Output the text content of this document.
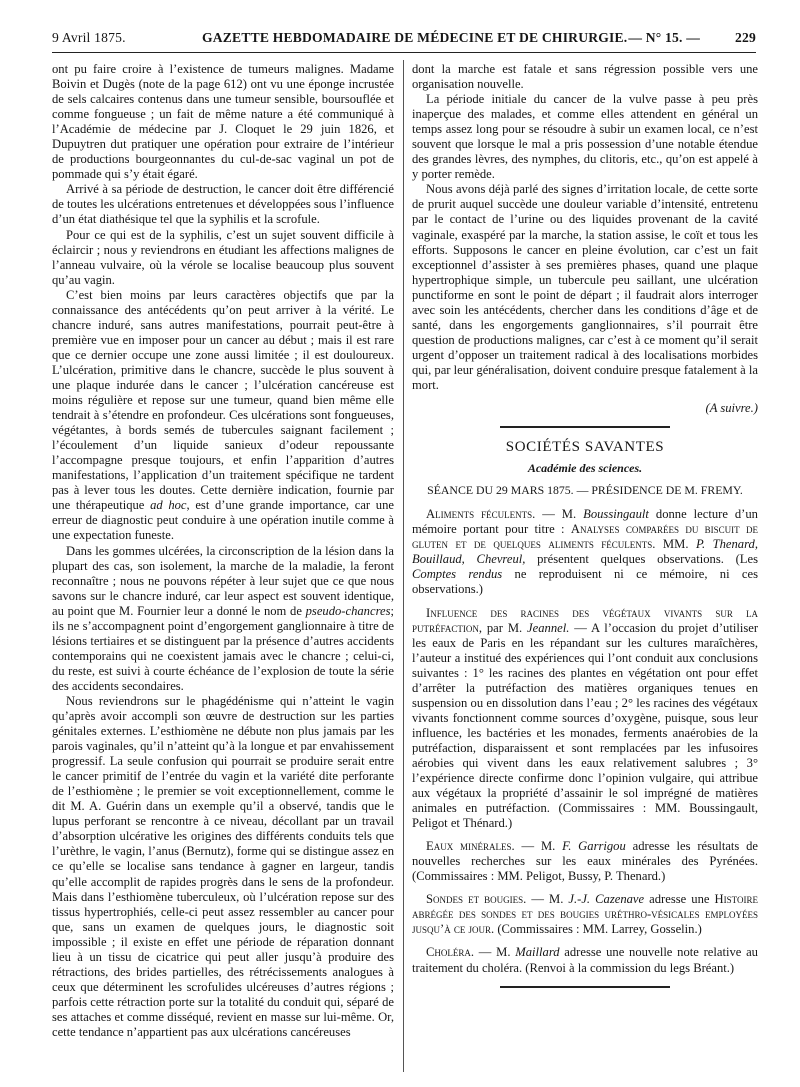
9 Avril 1875.	GAZETTE HEBDOMADAIRE DE MÉDECINE ET DE CHIRURGIE. — N° 15. —	229

ont pu faire croire à l’existence de tumeurs malignes. Madame Boivin et Dugès (note de la page 612) ont vu une éponge incrustée de sels calcaires contenus dans une tumeur sensible, boursouflée et comme fongueuse ; un fait de même nature a été communiqué à l’Académie de médecine par J. Cloquet le 29 juin 1826, et Dupuytren dut pratiquer une opération pour extraire de l’intérieur de productions bourgeonnantes du cul-de-sac vaginal un pot de pommade qui s’y était égaré.

Arrivé à sa période de destruction, le cancer doit être différencié de toutes les ulcérations entretenues et développées sous l’influence d’un état diathésique tel que la syphilis et la scrofule.

Pour ce qui est de la syphilis, c’est un sujet souvent difficile à éclaircir ; nous y reviendrons en étudiant les affections malignes de l’anneau vulvaire, où la vérole se localise beaucoup plus souvent qu’au vagin.

C’est bien moins par leurs caractères objectifs que par la connaissance des antécédents qu’on peut arriver à la vérité. Le chancre induré, sans autres manifestations, pourrait peut-être à première vue en imposer pour un cancer au début ; mais il est rare que ce dernier occupe une zone aussi limitée ; il est douloureux. L’ulcération, primitive dans le chancre, succède le plus souvent à une plaque indurée dans le cancer ; l’ulcération cancéreuse est moins régulière et repose sur une tumeur, quand bien même elle tendrait à s’étendre en profondeur. Ces ulcérations sont fongueuses, végétantes, à bords semés de tubercules saignant facilement ; l’écoulement d’un liquide sanieux d’odeur repoussante l’accompagne presque toujours, et enfin l’apparition d’autres manifestations, l’application d’un traitement spécifique ne tardent pas à lever tous les doutes. Cette dernière indication, fournie par une thérapeutique ad hoc, est d’une grande importance, car une erreur de diagnostic peut conduire à une opération inutile comme à une expectation funeste.

Dans les gommes ulcérées, la circonscription de la lésion dans la plupart des cas, son isolement, la marche de la maladie, la feront reconnaître ; nous ne pouvons répéter à leur sujet que ce que nous savons sur le chancre induré, car leur aspect est souvent identique, au point que M. Fournier leur a donné le nom de pseudo-chancres; ils ne s’accompagnent point d’engorgement ganglionnaire à titre de lésions tertiaires et se distinguent par la présence d’autres accidents contemporains qui ne coexistent jamais avec le chancre ; celui-ci, du reste, est suivi à courte échéance de l’explosion de toute la série des accidents secondaires.

Nous reviendrons sur le phagédénisme qui n’atteint le vagin qu’après avoir accompli son œuvre de destruction sur les parties génitales externes. L’esthiomène ne débute non plus jamais par les parois vaginales, qu’il n’atteint qu’à la longue et par envahissement progressif. La seule confusion qui pourrait se produire serait entre le cancer primitif de l’entrée du vagin et la variété dite perforante de l’esthiomène ; le premier se voit exceptionnellement, comme le dit M. A. Guérin dans un exemple qu’il a observé, tandis que le lupus perforant se rencontre à ce niveau, décollant par un travail d’absorption ulcérative les origines des différents conduits tels que l’urèthre, le vagin, l’anus (Bernutz), forme qui se distingue assez en ce qu’elle se localise sans tendance à gagner en largeur, tandis qu’elle accomplit de rapides progrès dans le sens de la profondeur. Mais dans l’esthiomène tuberculeux, où l’ulcération repose sur des tissus hypertrophiés, celle-ci peut assez ressembler au cancer pour que, sans un examen de quelques jours, le diagnostic soit impossible ; il existe en effet une période de réparation donnant lieu à un tissu de cicatrice qui peut aller jusqu’à produire des rétractions, des brides partielles, des rétrécissements analogues à ceux que déterminent les scrofulides ulcéreuses d’autres régions ; parfois cette rétraction porte sur la totalité du conduit qui, séparé de ses attaches et comme disséqué, revient en masse sur lui-même. Or, cette tendance n’appartient pas aux ulcérations cancéreuses

dont la marche est fatale et sans régression possible vers une organisation nouvelle.

La période initiale du cancer de la vulve passe à peu près inaperçue des malades, et comme elles attendent en général un temps assez long pour se résoudre à subir un examen local, ce n’est souvent que lorsque le mal a pris possession d’une notable étendue des grandes lèvres, des nymphes, du clitoris, etc., qu’on est appelé à y porter remède.

Nous avons déjà parlé des signes d’irritation locale, de cette sorte de prurit auquel succède une douleur variable d’intensité, entretenu par le contact de l’urine ou des liquides provenant de la cavité vaginale, exaspéré par la marche, la station assise, le coït et tous les efforts. Supposons le cancer en pleine évolution, car c’est un fait exceptionnel d’assister à ses premières phases, quand une plaque hypertrophique simple, un tubercule peu saillant, une ulcération punctiforme en sont le point de départ ; il faudrait alors interroger avec soin les antécédents, chercher dans les conditions d’âge et de santé, dans les engorgements ganglionnaires, s’il pourrait être question de productions malignes, car c’est à ce moment qu’il serait urgent d’opposer un traitement radical à des localisations morbides qui, par leur généralisation, doivent conduire presque fatalement à la mort.

(A suivre.)
SOCIÉTÉS SAVANTES
Académie des sciences.
SÉANCE DU 29 MARS 1875. — PRÉSIDENCE DE M. FREMY.

Aliments féculents. — M. Boussingault donne lecture d’un mémoire portant pour titre : Analyses comparées du biscuit de gluten et de quelques aliments féculents. MM. P. Thenard, Bouillaud, Chevreul, présentent quelques observations. (Les Comptes rendus ne reproduisent ni ce mémoire, ni ces observations.)

Influence des racines des végétaux vivants sur la putréfaction, par M. Jeannel. — A l’occasion du projet d’utiliser les eaux de Paris en les répandant sur les cultures maraîchères, l’auteur a institué des expériences qui l’ont conduit aux conclusions suivantes : 1° les racines des plantes en végétation ont pour effet d’arrêter la putréfaction des matières organiques tenues en suspension ou en dissolution dans l’eau ; 2° les racines des végétaux vivants fonctionnent comme sources d’oxygène, puisque, sous leur influence, les bactéries et les monades, ferments anaérobies de la putréfaction, disparaissent et sont remplacées par les infusoires aérobies qui vivent dans les eaux relativement salubres ; 3° l’expérience directe confirme donc l’opinion vulgaire, qui attribue aux végétaux la propriété d’assainir le sol imprégné de matières animales en putréfaction. (Commissaires : MM. Boussingault, Peligot et Thénard.)

Eaux minérales. — M. F. Garrigou adresse les résultats de nouvelles recherches sur les eaux minérales des Pyrénées. (Commissaires : MM. Peligot, Bussy, P. Thenard.)

Sondes et bougies. — M. J.-J. Cazenave adresse une Histoire abrégée des sondes et des bougies uréthro-vésicales employées jusqu’à ce jour. (Commissaires : MM. Larrey, Gosselin.)

Choléra. — M. Maillard adresse une nouvelle note relative au traitement du choléra. (Renvoi à la commission du legs Bréant.)
